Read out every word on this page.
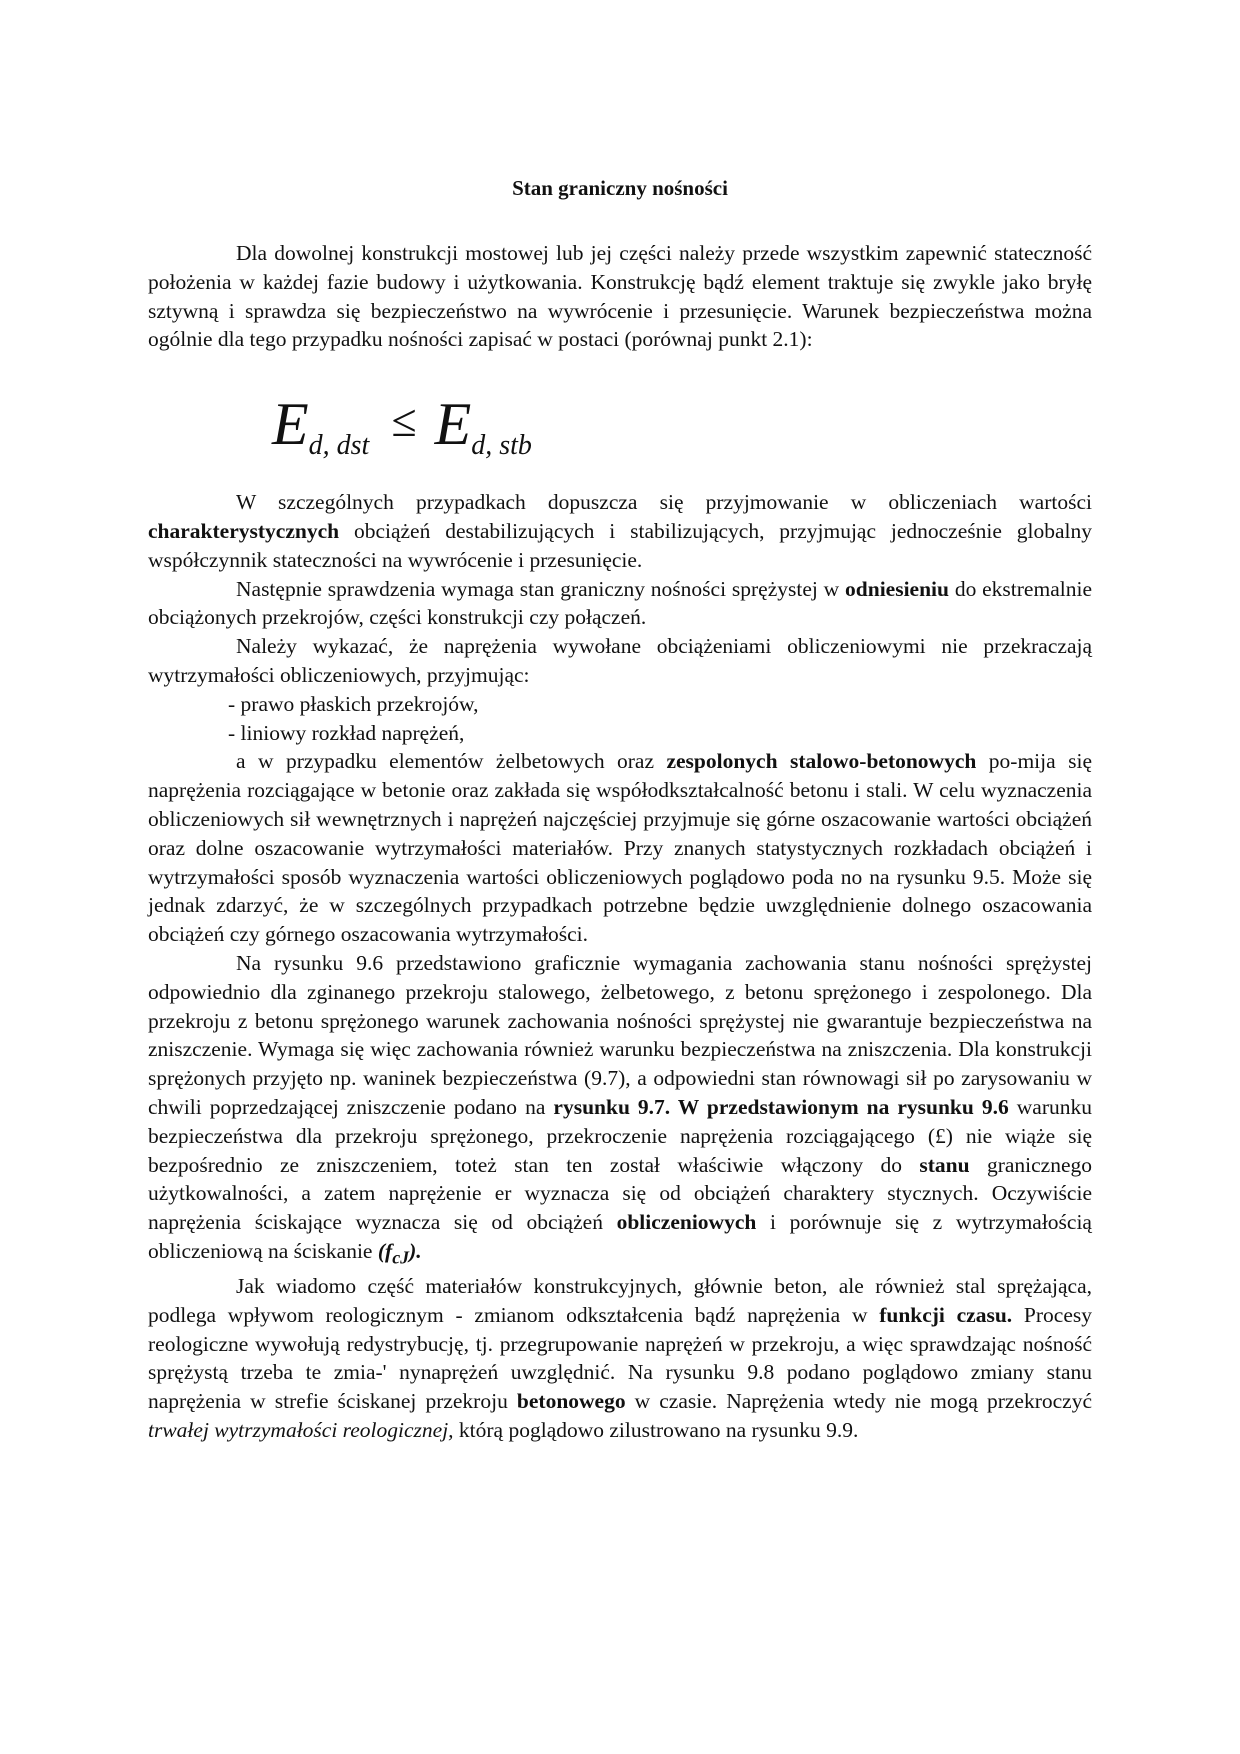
Stan graniczny nośności

Dla dowolnej konstrukcji mostowej lub jej części należy przede wszystkim zapewnić stateczność położenia w każdej fazie budowy i użytkowania. Konstrukcję bądź element traktuje się zwykle jako bryłę sztywną i sprawdza się bezpieczeństwo na wywrócenie i przesunięcie. Warunek bezpieczeństwa można ogólnie dla tego przypadku nośności zapisać w postaci (porównaj punkt 2.1):

$E_{d, dst} \le E_{d, stb}$

W szczególnych przypadkach dopuszcza się przyjmowanie w obliczeniach wartości charakterystycznych obciążeń destabilizujących i stabilizujących, przyjmując jednocześnie globalny współczynnik stateczności na wywrócenie i przesunięcie.

Następnie sprawdzenia wymaga stan graniczny nośności sprężystej w odniesieniu do ekstremalnie obciążonych przekrojów, części konstrukcji czy połączeń.

Należy wykazać, że naprężenia wywołane obciążeniami obliczeniowymi nie przekraczają wytrzymałości obliczeniowych, przyjmując:

- prawo płaskich przekrojów,

- liniowy rozkład naprężeń,

a w przypadku elementów żelbetowych oraz zespolonych stalowo-betonowych po-mija się naprężenia rozciągające w betonie oraz zakłada się współodkształcalność betonu i stali. W celu wyznaczenia obliczeniowych sił wewnętrznych i naprężeń najczęściej przyjmuje się górne oszacowanie wartości obciążeń oraz dolne oszacowanie wytrzymałości materiałów. Przy znanych statystycznych rozkładach obciążeń i wytrzymałości sposób wyznaczenia wartości obliczeniowych poglądowo poda no na rysunku 9.5. Może się jednak zdarzyć, że w szczególnych przypadkach potrzebne będzie uwzględnienie dolnego oszacowania obciążeń czy górnego oszacowania wytrzymałości.

Na rysunku 9.6 przedstawiono graficznie wymagania zachowania stanu nośności sprężystej odpowiednio dla zginanego przekroju stalowego, żelbetowego, z betonu sprężonego i zespolonego. Dla przekroju z betonu sprężonego warunek zachowania nośności sprężystej nie gwarantuje bezpieczeństwa na zniszczenie. Wymaga się więc zachowania również warunku bezpieczeństwa na zniszczenia. Dla konstrukcji sprężonych przyjęto np. waninek bezpieczeństwa (9.7), a odpowiedni stan równowagi sił po zarysowaniu w chwili poprzedzającej zniszczenie podano na rysunku 9.7. W przedstawionym na rysunku 9.6 warunku bezpieczeństwa dla przekroju sprężonego, przekroczenie naprężenia rozciągającego (£) nie wiąże się bezpośrednio ze zniszczeniem, toteż stan ten został właściwie włączony do stanu granicznego użytkowalności, a zatem naprężenie er wyznacza się od obciążeń charaktery stycznych. Oczywiście naprężenia ściskające wyznacza się od obciążeń obliczeniowych i porównuje się z wytrzymałością obliczeniową na ściskanie $(f_{cJ})$.

Jak wiadomo część materiałów konstrukcyjnych, głównie beton, ale również stal sprężająca, podlega wpływom reologicznym - zmianom odkształcenia bądź naprężenia w funkcji czasu. Procesy reologiczne wywołują redystrybucję, tj. przegrupowanie naprężeń w przekroju, a więc sprawdzając nośność sprężystą trzeba te zmia-' nynaprężeń uwzględnić. Na rysunku 9.8 podano poglądowo zmiany stanu naprężenia w strefie ściskanej przekroju betonowego w czasie. Naprężenia wtedy nie mogą przekroczyć trwałej wytrzymałości reologicznej, którą poglądowo zilustrowano na rysunku 9.9.
